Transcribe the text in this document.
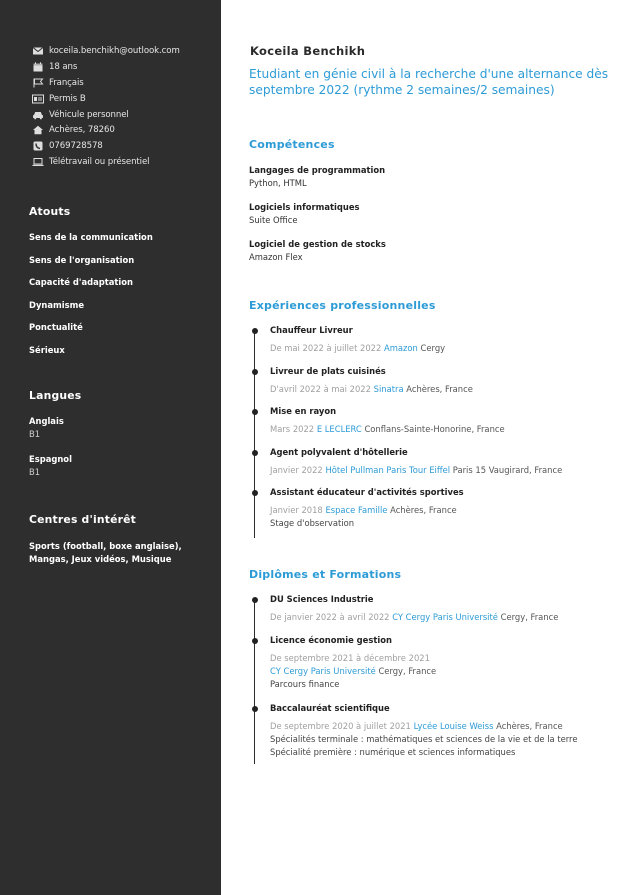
koceila.benchikh@outlook.com
18 ans
Français
Permis B
Véhicule personnel
Achères, 78260
0769728578
Télétravail ou présentiel
Atouts
Sens de la communication
Sens de l'organisation
Capacité d'adaptation
Dynamisme
Ponctualité
Sérieux
Langues
Anglais
B1
Espagnol
B1
Centres d'intérêt
Sports (football, boxe anglaise), Mangas, Jeux vidéos, Musique
Koceila Benchikh
Etudiant en génie civil à la recherche d'une alternance dès septembre 2022 (rythme 2 semaines/2 semaines)
Compétences
Langages de programmation
Python, HTML
Logiciels informatiques
Suite Office
Logiciel de gestion de stocks
Amazon Flex
Expériences professionnelles
Chauffeur Livreur
De mai 2022 à juillet 2022 Amazon Cergy
Livreur de plats cuisinés
D'avril 2022 à mai 2022 Sinatra Achères, France
Mise en rayon
Mars 2022 E LECLERC Conflans-Sainte-Honorine, France
Agent polyvalent d'hôtellerie
Janvier 2022 Hôtel Pullman Paris Tour Eiffel Paris 15 Vaugirard, France
Assistant éducateur d'activités sportives
Janvier 2018 Espace Famille Achères, France
Stage d'observation
Diplômes et Formations
DU Sciences Industrie
De janvier 2022 à avril 2022 CY Cergy Paris Université Cergy, France
Licence économie gestion
De septembre 2021 à décembre 2021
CY Cergy Paris Université Cergy, France
Parcours finance
Baccalauréat scientifique
De septembre 2020 à juillet 2021 Lycée Louise Weiss Achères, France
Spécialités terminale : mathématiques et sciences de la vie et de la terre
Spécialité première : numérique et sciences informatiques
